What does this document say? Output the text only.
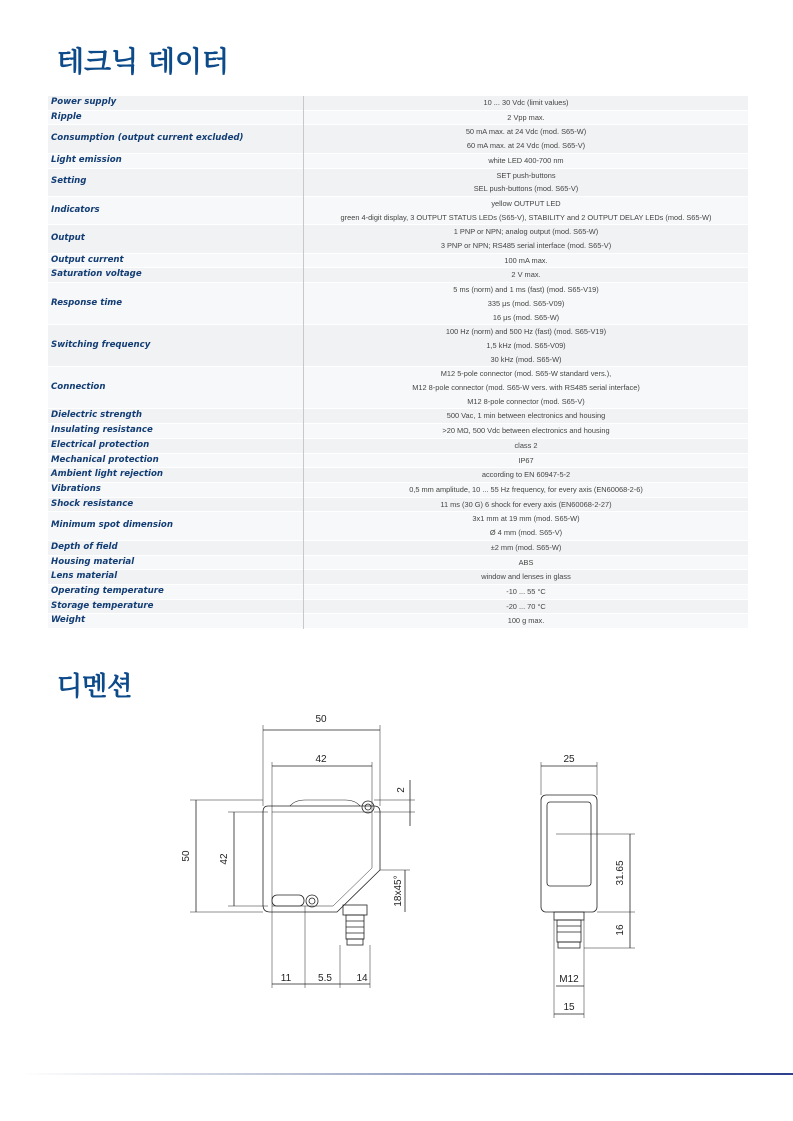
테크닉 데이터
Power supply	10 ... 30 Vdc (limit values)

Ripple	2 Vpp max.

Consumption (output current excluded)	50 mA max. at 24 Vdc (mod. S65-W)
60 mA max. at 24 Vdc (mod. S65-V)

Light emission	white LED 400-700 nm

Setting	SET push-buttons
SEL push-buttons (mod. S65-V)

Indicators	yellow OUTPUT LED
green 4-digit display, 3 OUTPUT STATUS LEDs (S65-V), STABILITY and 2 OUTPUT DELAY LEDs (mod. S65-W)

Output	1 PNP or NPN; analog output (mod. S65-W)
3 PNP or NPN; RS485 serial interface (mod. S65-V)

Output current	100 mA max.

Saturation voltage	2 V max.

Response time	5 ms (norm) and 1 ms (fast) (mod. S65-V19)
335 μs (mod. S65-V09)
16 μs (mod. S65-W)

Switching frequency	100 Hz (norm) and 500 Hz (fast) (mod. S65-V19)
1,5 kHz (mod. S65-V09)
30 kHz (mod. S65-W)

Connection	M12 5-pole connector (mod. S65-W standard vers.),
M12 8-pole connector (mod. S65-W vers. with RS485 serial interface)
M12 8-pole connector (mod. S65-V)

Dielectric strength	500 Vac, 1 min between electronics and housing

Insulating resistance	>20 MΩ, 500 Vdc between electronics and housing

Electrical protection	class 2

Mechanical protection	IP67

Ambient light rejection	according to EN 60947-5-2

Vibrations	0,5 mm amplitude, 10 ... 55 Hz frequency, for every axis (EN60068-2-6)

Shock resistance	11 ms (30 G) 6 shock for every axis (EN60068-2-27)

Minimum spot dimension	3x1 mm at 19 mm (mod. S65-W)
Ø 4 mm (mod. S65-V)

Depth of field	±2 mm (mod. S65-W)

Housing material	ABS

Lens material	window and lenses in glass

Operating temperature	-10 ... 55 °C

Storage temperature	-20 ... 70 °C

Weight	100 g max.
디멘션
50
42
2
50	42
18x45°
11	5.5 14
25
31.65
16
M12
15
